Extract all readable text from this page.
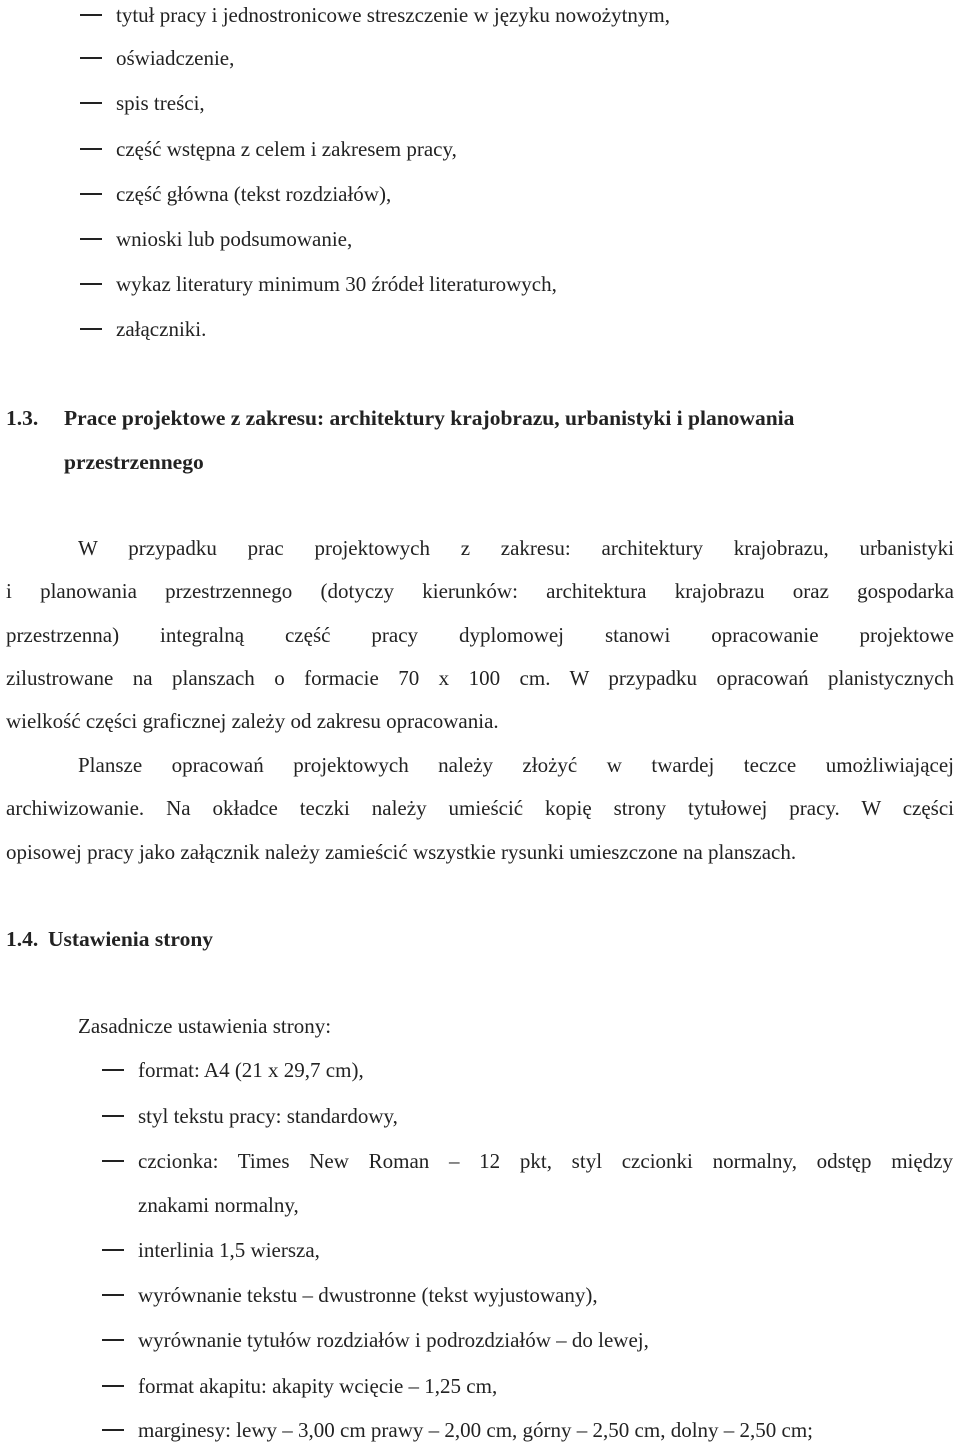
tytuł pracy i jednostronicowe streszczenie w języku nowożytnym,
oświadczenie,
spis treści,
część wstępna z celem i zakresem pracy,
część główna (tekst rozdziałów),
wnioski lub podsumowanie,
wykaz literatury minimum 30 źródeł literaturowych,
załączniki.
1.3. Prace projektowe z zakresu: architektury krajobrazu, urbanistyki i planowania
przestrzennego
W przypadku prac projektowych z zakresu: architektury krajobrazu, urbanistyki
i planowania przestrzennego (dotyczy kierunków: architektura krajobrazu oraz gospodarka
przestrzenna) integralną część pracy dyplomowej stanowi opracowanie projektowe
zilustrowane na planszach o formacie 70 x 100 cm. W przypadku opracowań planistycznych
wielkość części graficznej zależy od zakresu opracowania.
Plansze opracowań projektowych należy złożyć w twardej teczce umożliwiającej
archiwizowanie. Na okładce teczki należy umieścić kopię strony tytułowej pracy. W części
opisowej pracy jako załącznik należy zamieścić wszystkie rysunki umieszczone na planszach.
1.4. Ustawienia strony
Zasadnicze ustawienia strony:
format: A4 (21 x 29,7 cm),
styl tekstu pracy: standardowy,
czcionka: Times New Roman – 12 pkt, styl czcionki normalny, odstęp między
znakami normalny,
interlinia 1,5 wiersza,
wyrównanie tekstu – dwustronne (tekst wyjustowany),
wyrównanie tytułów rozdziałów i podrozdziałów – do lewej,
format akapitu: akapity wcięcie – 1,25 cm,
marginesy: lewy – 3,00 cm prawy – 2,00 cm, górny – 2,50 cm, dolny – 2,50 cm;
